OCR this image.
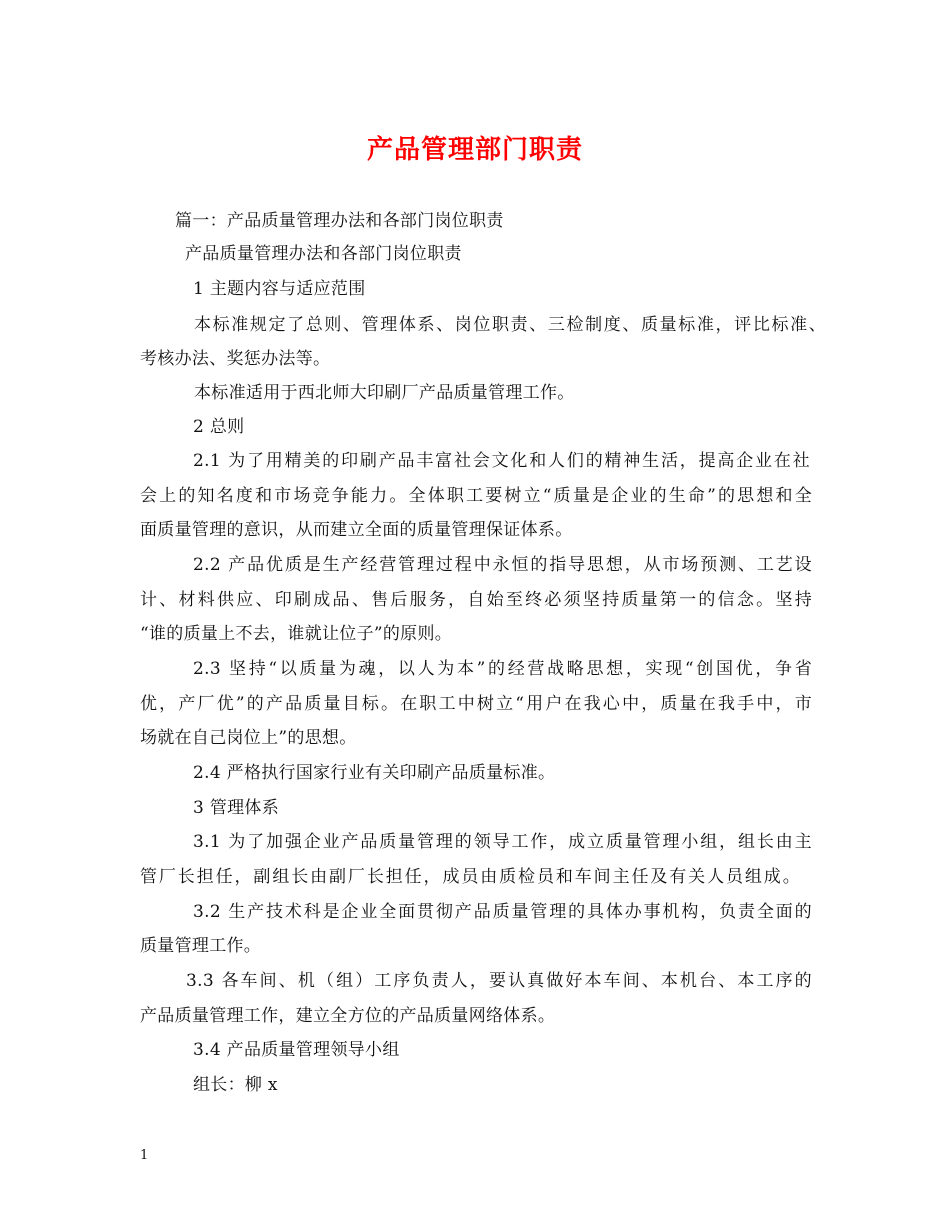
产品管理部门职责
篇一：产品质量管理办法和各部门岗位职责
产品质量管理办法和各部门岗位职责
1 主题内容与适应范围
本标准规定了总则、管理体系、岗位职责、三检制度、质量标准，评比标准、
考核办法、奖惩办法等。
本标准适用于西北师大印刷厂产品质量管理工作。
2 总则
2.1 为了用精美的印刷产品丰富社会文化和人们的精神生活，提高企业在社
会上的知名度和市场竞争能力。全体职工要树立“质量是企业的生命”的思想和全
面质量管理的意识，从而建立全面的质量管理保证体系。
2.2 产品优质是生产经营管理过程中永恒的指导思想，从市场预测、工艺设
计、材料供应、印刷成品、售后服务，自始至终必须坚持质量第一的信念。坚持
“谁的质量上不去，谁就让位子”的原则。
2.3 坚持“以质量为魂，以人为本”的经营战略思想，实现“创国优，争省
优，产厂优”的产品质量目标。在职工中树立“用户在我心中，质量在我手中，市
场就在自己岗位上”的思想。
2.4 严格执行国家行业有关印刷产品质量标准。
3 管理体系
3.1 为了加强企业产品质量管理的领导工作，成立质量管理小组，组长由主
管厂长担任，副组长由副厂长担任，成员由质检员和车间主任及有关人员组成。
3.2 生产技术科是企业全面贯彻产品质量管理的具体办事机构，负责全面的
质量管理工作。
3.3 各车间、机（组）工序负责人，要认真做好本车间、本机台、本工序的
产品质量管理工作，建立全方位的产品质量网络体系。
3.4 产品质量管理领导小组
组长：柳 x
1
